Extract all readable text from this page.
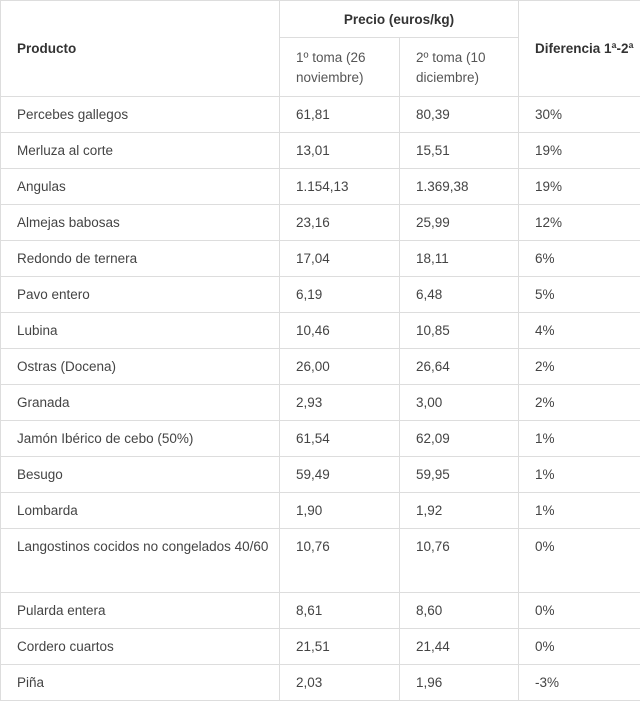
Producto	Precio (euros/kg)		Diferencia 1ª-2ª
	1º toma (26 noviembre)	2º toma (10 diciembre)	
Percebes gallegos	61,81	80,39	30%
Merluza al corte	13,01	15,51	19%
Angulas	1.154,13	1.369,38	19%
Almejas babosas	23,16	25,99	12%
Redondo de ternera	17,04	18,11	6%
Pavo entero	6,19	6,48	5%
Lubina	10,46	10,85	4%
Ostras (Docena)	26,00	26,64	2%
Granada	2,93	3,00	2%
Jamón Ibérico de cebo (50%)	61,54	62,09	1%
Besugo	59,49	59,95	1%
Lombarda	1,90	1,92	1%
Langostinos cocidos no congelados 40/60	10,76	10,76	0%
Pularda entera	8,61	8,60	0%
Cordero cuartos	21,51	21,44	0%
Piña	2,03	1,96	-3%
